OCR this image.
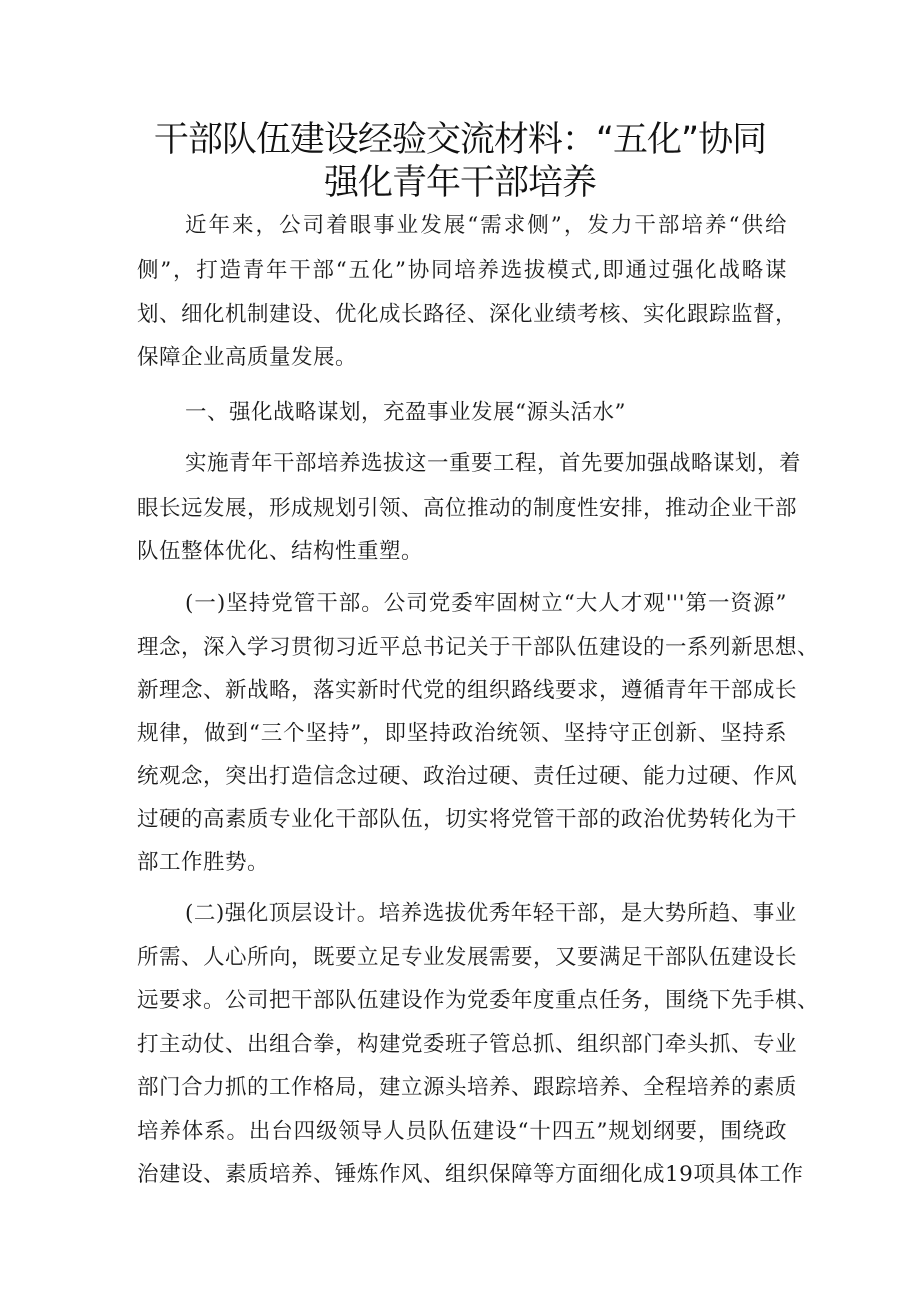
干部队伍建设经验交流材料：“五化”协同
强化青年干部培养

近年来，公司着眼事业发展“需求侧”，发力干部培养“供给

侧”，打造青年干部“五化”协同培养选拔模式,即通过强化战略谋

划、细化机制建设、优化成长路径、深化业绩考核、实化跟踪监督，

保障企业高质量发展。

一、强化战略谋划，充盈事业发展“源头活水”

实施青年干部培养选拔这一重要工程，首先要加强战略谋划，着

眼长远发展，形成规划引领、高位推动的制度性安排，推动企业干部

队伍整体优化、结构性重塑。

(一)坚持党管干部。公司党委牢固树立“大人才观'''第一资源”

理念，深入学习贯彻习近平总书记关于干部队伍建设的一系列新思想、

新理念、新战略，落实新时代党的组织路线要求，遵循青年干部成长

规律，做到“三个坚持”，即坚持政治统领、坚持守正创新、坚持系

统观念，突出打造信念过硬、政治过硬、责任过硬、能力过硬、作风

过硬的高素质专业化干部队伍，切实将党管干部的政治优势转化为干

部工作胜势。

(二)强化顶层设计。培养选拔优秀年轻干部，是大势所趋、事业

所需、人心所向，既要立足专业发展需要，又要满足干部队伍建设长

远要求。公司把干部队伍建设作为党委年度重点任务，围绕下先手棋、

打主动仗、出组合拳，构建党委班子管总抓、组织部门牵头抓、专业

部门合力抓的工作格局，建立源头培养、跟踪培养、全程培养的素质

培养体系。出台四级领导人员队伍建设“十四五”规划纲要，围绕政

治建设、素质培养、锤炼作风、组织保障等方面细化成19项具体工作
